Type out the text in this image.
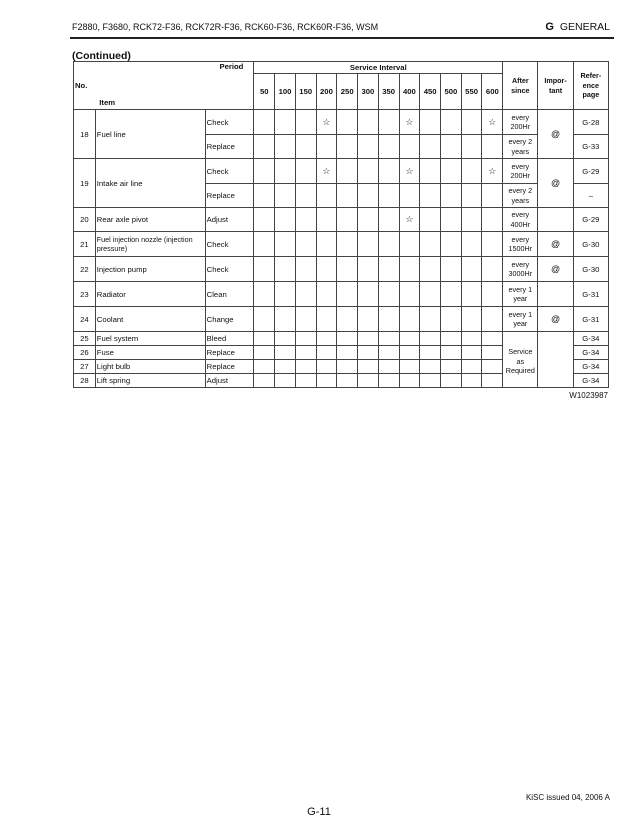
F2880, F3680, RCK72-F36, RCK72R-F36, RCK60-F36, RCK60R-F36, WSM	G GENERAL
(Continued)
No.	Period		Service Interval												After since	Impor- tant	Refer- ence page
	Item		50	100	150	200	250	300	350	400	450	500	550	600			
18	Fuel line	Check				☆				☆				☆	every 200Hr	@	G-28
		Replace													every 2 years		G-33
19	Intake air line	Check				☆				☆				☆	every 200Hr	@	G-29
		Replace													every 2 years		–
20	Rear axle pivot	Adjust								☆					every 400Hr		G-29
21	Fuel injection nozzle (injection pressure)	Check													every 1500Hr	@	G-30
22	Injection pump	Check													every 3000Hr	@	G-30
23	Radiator	Clean													every 1 year		G-31
24	Coolant	Change													every 1 year	@	G-31
25	Fuel system	Bleed													Service as Required		G-34
26	Fuse	Replace															G-34
27	Light bulb	Replace															G-34
28	Lift spring	Adjust															G-34
W1023987
KiSC issued 04, 2006 A
G-11
